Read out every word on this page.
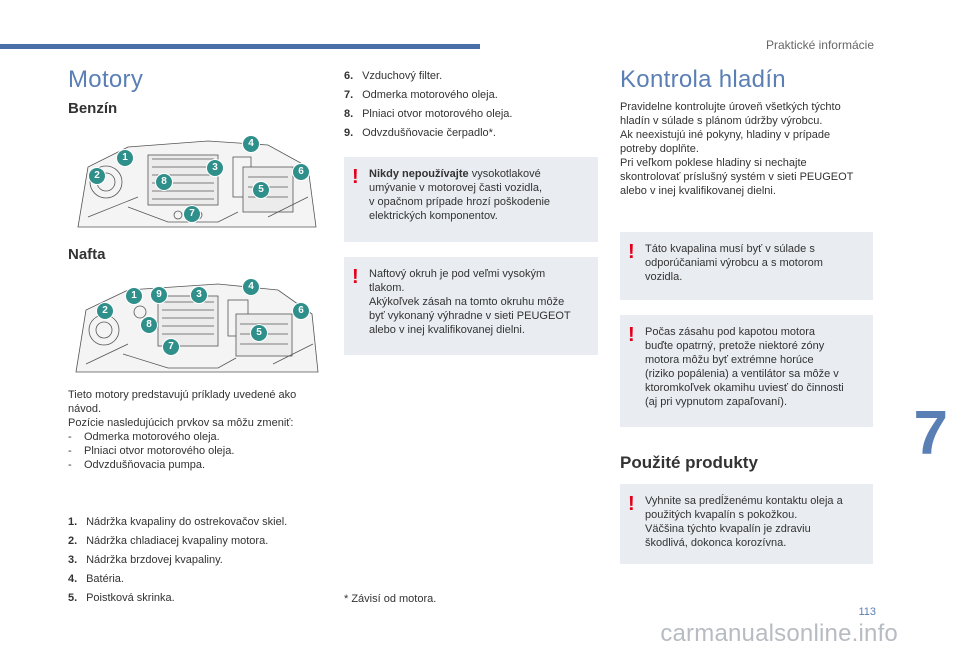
Praktické informácie
Motory
Benzín
1
2
3
4
5
6
7
8
Nafta
1
2
3
4
5
6
7
8
9

Tieto motory predstavujú príklady uvedené ako

návod.

Pozície nasledujúcich prvkov sa môžu zmeniť:

- Odmerka motorového oleja.
- Plniaci otvor motorového oleja.
- Odvzdušňovacia pumpa.
1. Nádržka kvapaliny do ostrekovačov skiel.
2. Nádržka chladiacej kvapaliny motora.
3. Nádržka brzdovej kvapaliny.
4. Batéria.
5. Poistková skrinka.
6. Vzduchový filter.
7. Odmerka motorového oleja.
8. Plniaci otvor motorového oleja.
9. Odvzdušňovacie čerpadlo*.
! Nikdy nepoužívajte vysokotlakové

umývanie v motorovej časti vozidla,

v opačnom prípade hrozí poškodenie

elektrických komponentov.

! Naftový okruh je pod veľmi vysokým

tlakom.

Akýkoľvek zásah na tomto okruhu môže

byť vykonaný výhradne v sieti PEUGEOT

alebo v inej kvalifikovanej dielni.

* Závisí od motora.
Kontrola hladín

Pravidelne kontrolujte úroveň všetkých týchto

hladín v súlade s plánom údržby výrobcu.

Ak neexistujú iné pokyny, hladiny v prípade

potreby doplňte.

Pri veľkom poklese hladiny si nechajte

skontrolovať príslušný systém v sieti PEUGEOT

alebo v inej kvalifikovanej dielni.

! Táto kvapalina musí byť v súlade s

odporúčaniami výrobcu a s motorom

vozidla.

! Počas zásahu pod kapotou motora

buďte opatrný, pretože niektoré zóny

motora môžu byť extrémne horúce

(riziko popálenia) a ventilátor sa môže v

ktoromkoľvek okamihu uviesť do činnosti

(aj pri vypnutom zapaľovaní).

Použité produkty
! Vyhnite sa predĺženému kontaktu oleja a

použitých kvapalín s pokožkou.

Väčšina týchto kvapalín je zdraviu

škodlivá, dokonca korozívna.

7
113
carmanualsonline.info
